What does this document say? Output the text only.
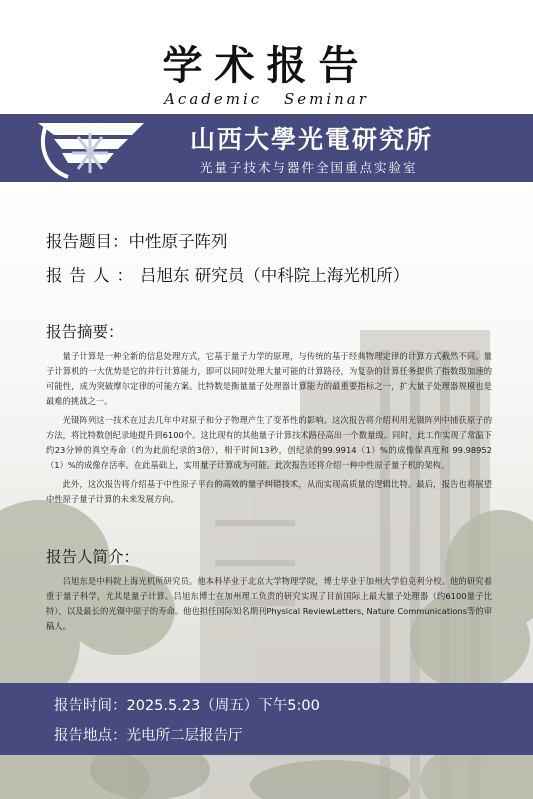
学术报告
Academic Seminar
山西大學光電研究所
光量子技术与器件全国重点实验室
报告题目：中性原子阵列
报告人：吕旭东 研究员（中科院上海光机所）
报告摘要：

量子计算是一种全新的信息处理方式，它基于量子力学的原理，与传统的基于经典物理定律的计算方式截然不同。量子计算机的一大优势是它的并行计算能力，即可以同时处理大量可能的计算路径，为复杂的计算任务提供了指数级加速的可能性，成为突破摩尔定律的可能方案。比特数是衡量量子处理器计算能力的最重要指标之一，扩大量子处理器规模也是最难的挑战之一。

光镊阵列这一技术在过去几年中对原子和分子物理产生了变革性的影响。这次报告将介绍利用光镊阵列中捕获原子的方法，将比特数创纪录地提升到6100个。这比现有的其他量子计算技术路径高出一个数量级。同时，此工作实现了常温下约23分钟的真空寿命（约为此前纪录的3倍），相干时间13秒，创纪录的99.9914（1）%的成像保真度和 99.98952（1）%的成像存活率。在此基础上，实用量子计算成为可能。此次报告还将介绍一种中性原子量子机的架构。

此外，这次报告将介绍基于中性原子平台的高效的量子纠错技术，从而实现高质量的逻辑比特。最后，报告也将展望中性原子量子计算的未来发展方向。

报告人简介：

吕旭东是中科院上海光机所研究员。他本科毕业于北京大学物理学院，博士毕业于加州大学伯克利分校。他的研究着重于量子科学，尤其是量子计算。吕旭东博士在加州理工负责的研究实现了目前国际上最大量子处理器（约6100量子比特），以及最长的光镊中原子的寿命。他也担任国际知名期刊Physical ReviewLetters, Nature Communications等的审稿人。

报告时间：2025.5.23（周五）下午5:00
报告地点：光电所二层报告厅
